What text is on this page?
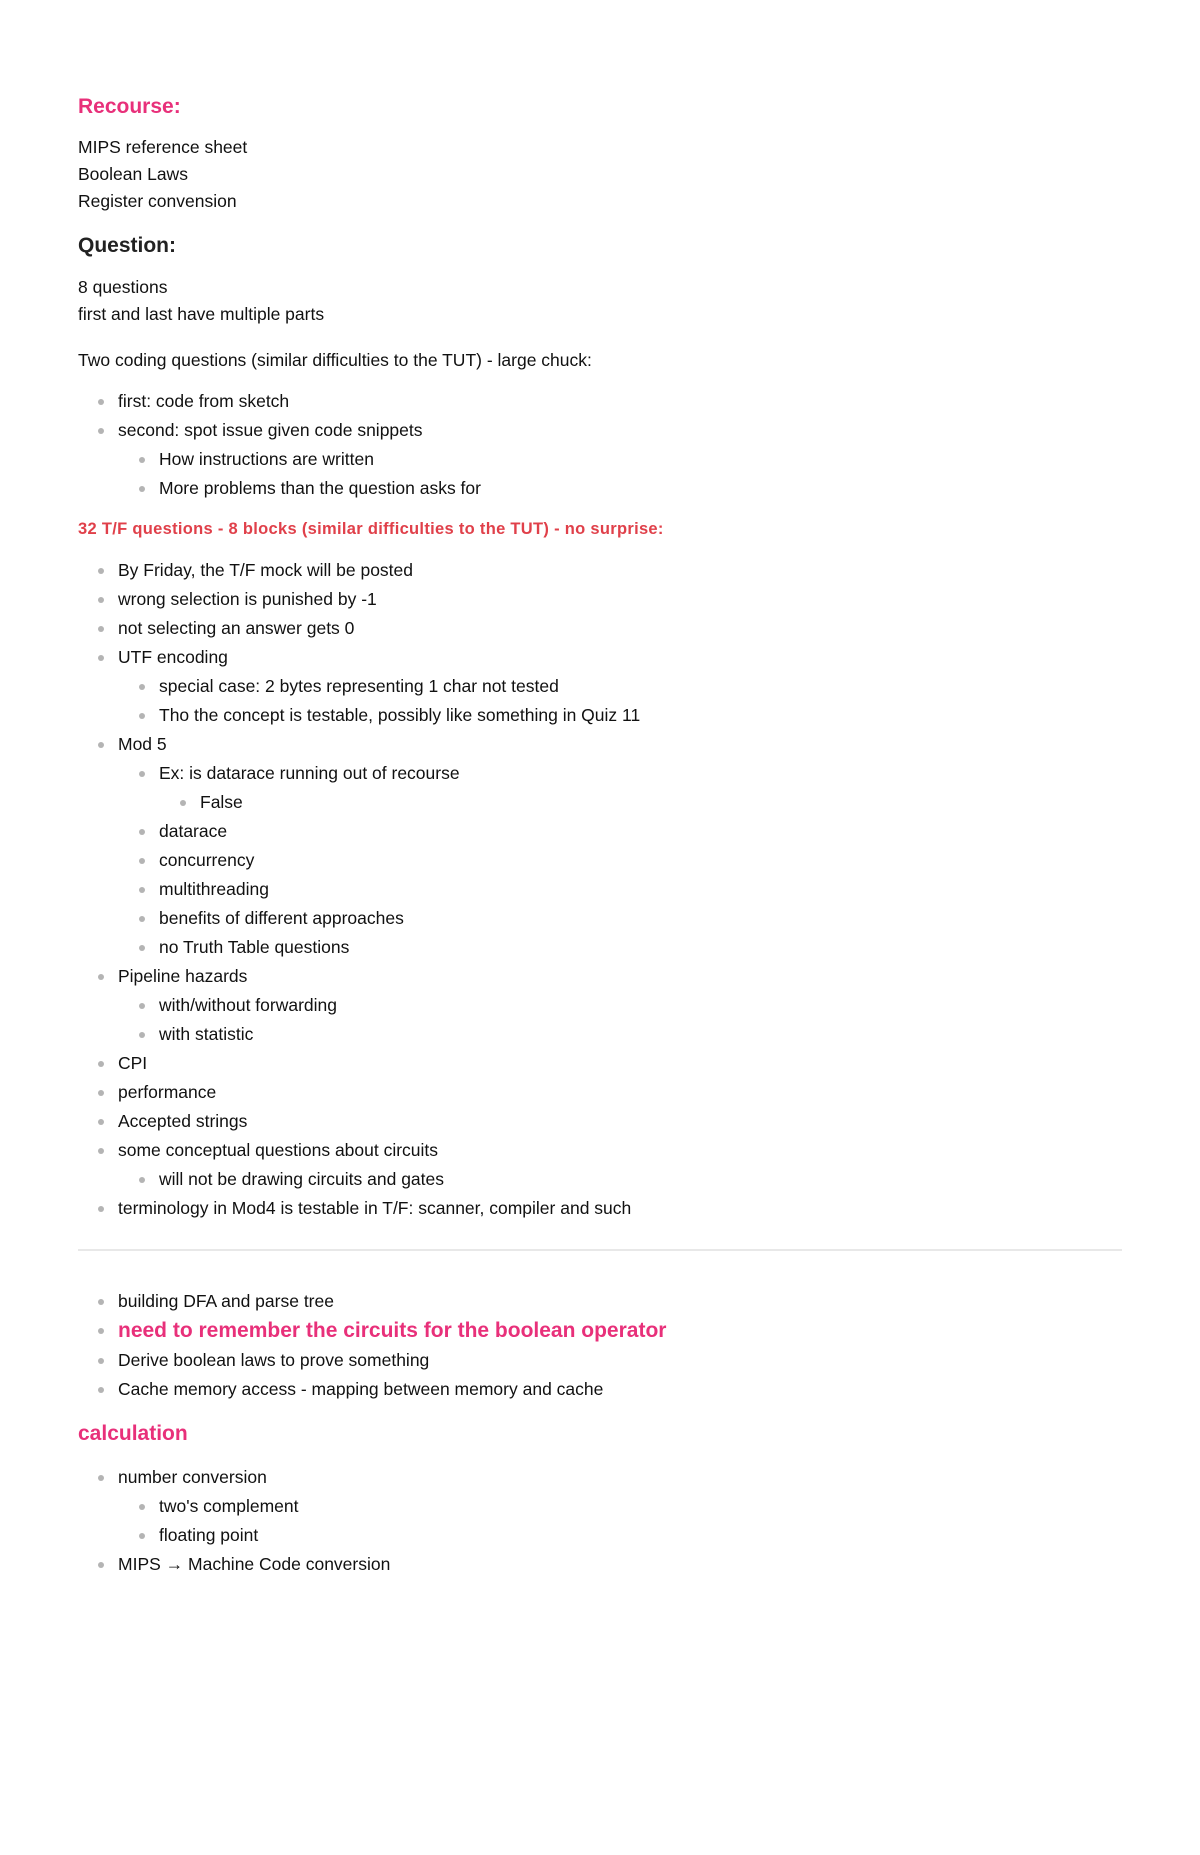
Recourse:

MIPS reference sheet

Boolean Laws

Register convension

Question:

8 questions

first and last have multiple parts

Two coding questions (similar difficulties to the TUT) - large chuck:

first: code from sketch
second: spot issue given code snippets
How instructions are written
More problems than the question asks for

32 T/F questions - 8 blocks (similar difficulties to the TUT) - no surprise:

By Friday, the T/F mock will be posted
wrong selection is punished by -1
not selecting an answer gets 0
UTF encoding
special case: 2 bytes representing 1 char not tested
Tho the concept is testable, possibly like something in Quiz 11
Mod 5
Ex: is datarace running out of recourse
False
datarace
concurrency
multithreading
benefits of different approaches
no Truth Table questions
Pipeline hazards
with/without forwarding
with statistic
CPI
performance
Accepted strings
some conceptual questions about circuits
will not be drawing circuits and gates
terminology in Mod4 is testable in T/F: scanner, compiler and such
building DFA and parse tree
need to remember the circuits for the boolean operator
Derive boolean laws to prove something
Cache memory access - mapping between memory and cache
calculation
number conversion
two's complement
floating point
MIPS → Machine Code conversion
